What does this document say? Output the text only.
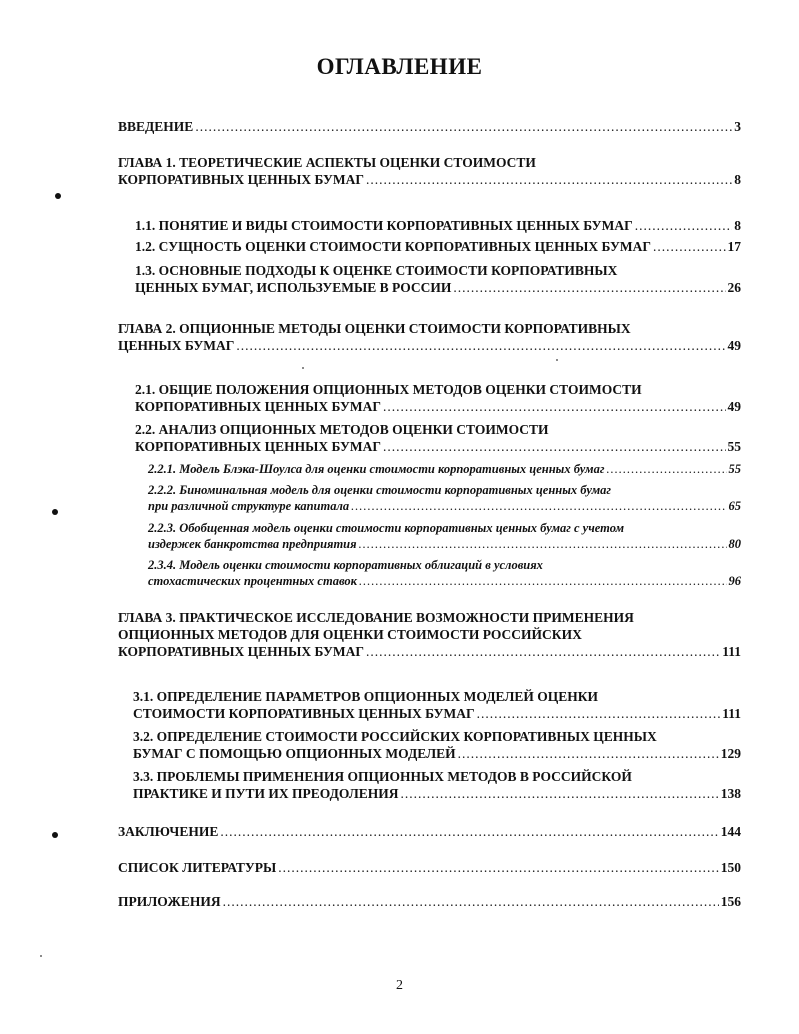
ОГЛАВЛЕНИЕ
ВВЕДЕНИЕ .....	3
ГЛАВА 1. ТЕОРЕТИЧЕСКИЕ АСПЕКТЫ ОЦЕНКИ СТОИМОСТИ
КОРПОРАТИВНЫХ ЦЕННЫХ БУМАГ .....	8
1.1. ПОНЯТИЕ И ВИДЫ СТОИМОСТИ КОРПОРАТИВНЫХ ЦЕННЫХ БУМАГ .....	8
1.2. СУЩНОСТЬ ОЦЕНКИ СТОИМОСТИ КОРПОРАТИВНЫХ ЦЕННЫХ БУМАГ .....	17
1.3. ОСНОВНЫЕ ПОДХОДЫ К ОЦЕНКЕ СТОИМОСТИ КОРПОРАТИВНЫХ
ЦЕННЫХ БУМАГ, ИСПОЛЬЗУЕМЫЕ В РОССИИ .....	26
ГЛАВА 2. ОПЦИОННЫЕ МЕТОДЫ ОЦЕНКИ СТОИМОСТИ КОРПОРАТИВНЫХ
ЦЕННЫХ БУМАГ .....	49
2.1. ОБЩИЕ ПОЛОЖЕНИЯ ОПЦИОННЫХ МЕТОДОВ ОЦЕНКИ СТОИМОСТИ
КОРПОРАТИВНЫХ ЦЕННЫХ БУМАГ .....	49
2.2. АНАЛИЗ ОПЦИОННЫХ МЕТОДОВ ОЦЕНКИ СТОИМОСТИ
КОРПОРАТИВНЫХ ЦЕННЫХ БУМАГ .....	55
2.2.1. Модель Блэка-Шоулса для оценки стоимости корпоративных ценных бумаг .....	55
2.2.2. Биноминальная модель для оценки стоимости корпоративных ценных бумаг
при различной структуре капитала .....	65
2.2.3. Обобщенная модель оценки стоимости корпоративных ценных бумаг с учетом
издержек банкротства предприятия .....	80
2.3.4. Модель оценки стоимости корпоративных облигаций в условиях
стохастических процентных ставок .....	96
ГЛАВА 3. ПРАКТИЧЕСКОЕ ИССЛЕДОВАНИЕ ВОЗМОЖНОСТИ ПРИМЕНЕНИЯ
ОПЦИОННЫХ МЕТОДОВ ДЛЯ ОЦЕНКИ СТОИМОСТИ РОССИЙСКИХ
КОРПОРАТИВНЫХ ЦЕННЫХ БУМАГ .....	111
3.1. ОПРЕДЕЛЕНИЕ ПАРАМЕТРОВ ОПЦИОННЫХ МОДЕЛЕЙ ОЦЕНКИ
СТОИМОСТИ КОРПОРАТИВНЫХ ЦЕННЫХ БУМАГ .....	111
3.2. ОПРЕДЕЛЕНИЕ СТОИМОСТИ РОССИЙСКИХ КОРПОРАТИВНЫХ ЦЕННЫХ
БУМАГ С ПОМОЩЬЮ ОПЦИОННЫХ МОДЕЛЕЙ .....	129
3.3. ПРОБЛЕМЫ ПРИМЕНЕНИЯ ОПЦИОННЫХ МЕТОДОВ В РОССИЙСКОЙ
ПРАКТИКЕ И ПУТИ ИХ ПРЕОДОЛЕНИЯ .....	138
ЗАКЛЮЧЕНИЕ .....	144
СПИСОК ЛИТЕРАТУРЫ .....	150
ПРИЛОЖЕНИЯ .....	156
2
